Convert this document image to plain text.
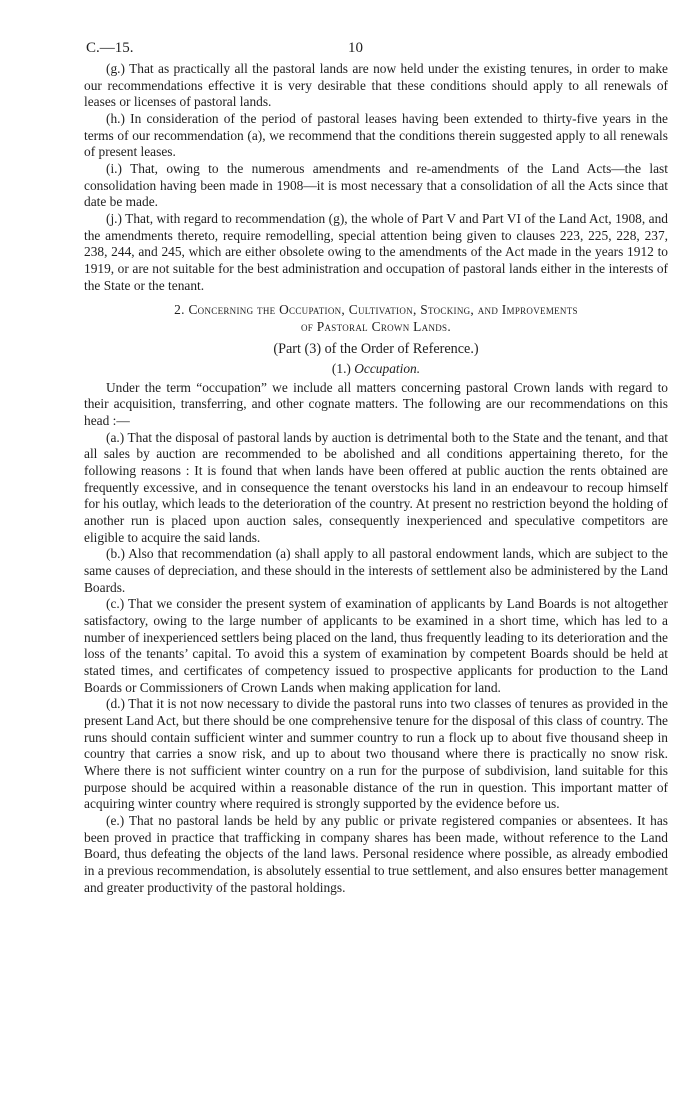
C.—15.	10

(g.) That as practically all the pastoral lands are now held under the existing tenures, in order to make our recommendations effective it is very desirable that these conditions should apply to all renewals of leases or licenses of pastoral lands.

(h.) In consideration of the period of pastoral leases having been extended to thirty-five years in the terms of our recommendation (a), we recommend that the conditions therein suggested apply to all renewals of present leases.

(i.) That, owing to the numerous amendments and re-amendments of the Land Acts—the last consolidation having been made in 1908—it is most necessary that a consolidation of all the Acts since that date be made.

(j.) That, with regard to recommendation (g), the whole of Part V and Part VI of the Land Act, 1908, and the amendments thereto, require remodelling, special attention being given to clauses 223, 225, 228, 237, 238, 244, and 245, which are either obsolete owing to the amendments of the Act made in the years 1912 to 1919, or are not suitable for the best administration and occupation of pastoral lands either in the interests of the State or the tenant.

2. Concerning the Occupation, Cultivation, Stocking, and Improvements
of Pastoral Crown Lands.

(Part (3) of the Order of Reference.)

(1.) Occupation.

Under the term “occupation” we include all matters concerning pastoral Crown lands with regard to their acquisition, transferring, and other cognate matters. The following are our recommendations on this head :—

(a.) That the disposal of pastoral lands by auction is detrimental both to the State and the tenant, and that all sales by auction are recommended to be abolished and all conditions appertaining thereto, for the following reasons : It is found that when lands have been offered at public auction the rents obtained are frequently excessive, and in consequence the tenant overstocks his land in an endeavour to recoup himself for his outlay, which leads to the deterioration of the country. At present no restriction beyond the holding of another run is placed upon auction sales, consequently inexperienced and speculative competitors are eligible to acquire the said lands.

(b.) Also that recommendation (a) shall apply to all pastoral endowment lands, which are subject to the same causes of depreciation, and these should in the interests of settlement also be administered by the Land Boards.

(c.) That we consider the present system of examination of applicants by Land Boards is not altogether satisfactory, owing to the large number of applicants to be examined in a short time, which has led to a number of inexperienced settlers being placed on the land, thus frequently leading to its deterioration and the loss of the tenants’ capital. To avoid this a system of examination by competent Boards should be held at stated times, and certificates of competency issued to prospective applicants for production to the Land Boards or Commissioners of Crown Lands when making application for land.

(d.) That it is not now necessary to divide the pastoral runs into two classes of tenures as provided in the present Land Act, but there should be one comprehensive tenure for the disposal of this class of country. The runs should contain sufficient winter and summer country to run a flock up to about five thousand sheep in country that carries a snow risk, and up to about two thousand where there is practically no snow risk. Where there is not sufficient winter country on a run for the purpose of subdivision, land suitable for this purpose should be acquired within a reasonable distance of the run in question. This important matter of acquiring winter country where required is strongly supported by the evidence before us.

(e.) That no pastoral lands be held by any public or private registered companies or absentees. It has been proved in practice that trafficking in company shares has been made, without reference to the Land Board, thus defeating the objects of the land laws. Personal residence where possible, as already embodied in a previous recommendation, is absolutely essential to true settlement, and also ensures better management and greater productivity of the pastoral holdings.
